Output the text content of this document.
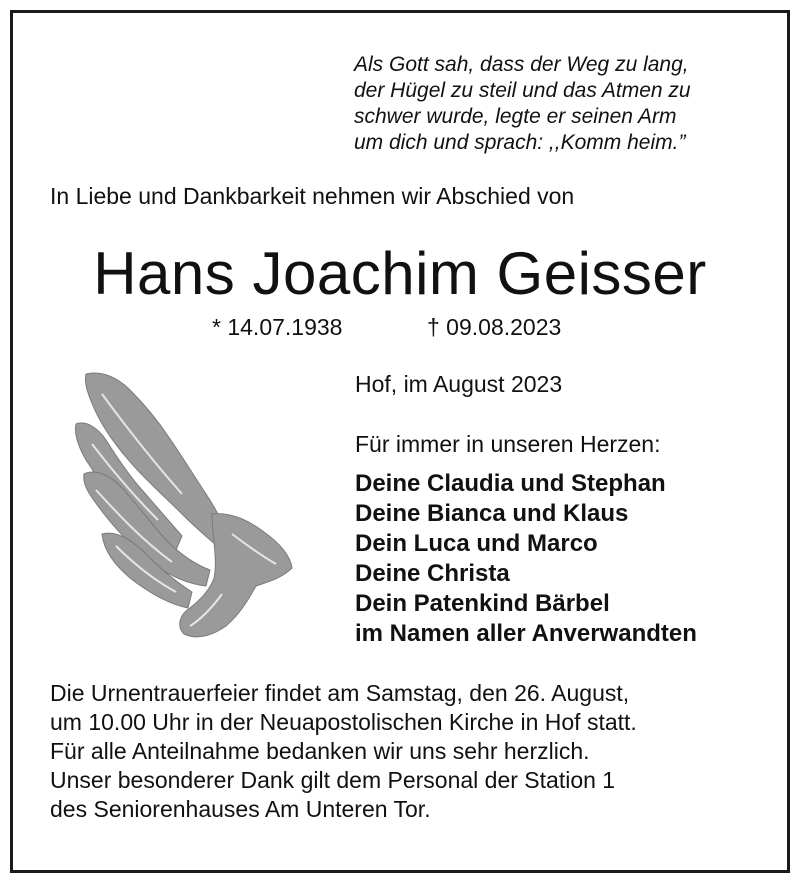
Als Gott sah, dass der Weg zu lang,
der Hügel zu steil und das Atmen zu
schwer wurde, legte er seinen Arm
um dich und sprach: ,,Komm heim.”
In Liebe und Dankbarkeit nehmen wir Abschied von
Hans Joachim Geisser
* 14.07.1938	† 09.08.2023
Hof, im August 2023
Für immer in unseren Herzen:
Deine Claudia und Stephan
Deine Bianca und Klaus
Dein Luca und Marco
Deine Christa
Dein Patenkind Bärbel
im Namen aller Anverwandten
Die Urnentrauerfeier findet am Samstag, den 26. August,
um 10.00 Uhr in der Neuapostolischen Kirche in Hof statt.
Für alle Anteilnahme bedanken wir uns sehr herzlich.
Unser besonderer Dank gilt dem Personal der Station 1
des Seniorenhauses Am Unteren Tor.
